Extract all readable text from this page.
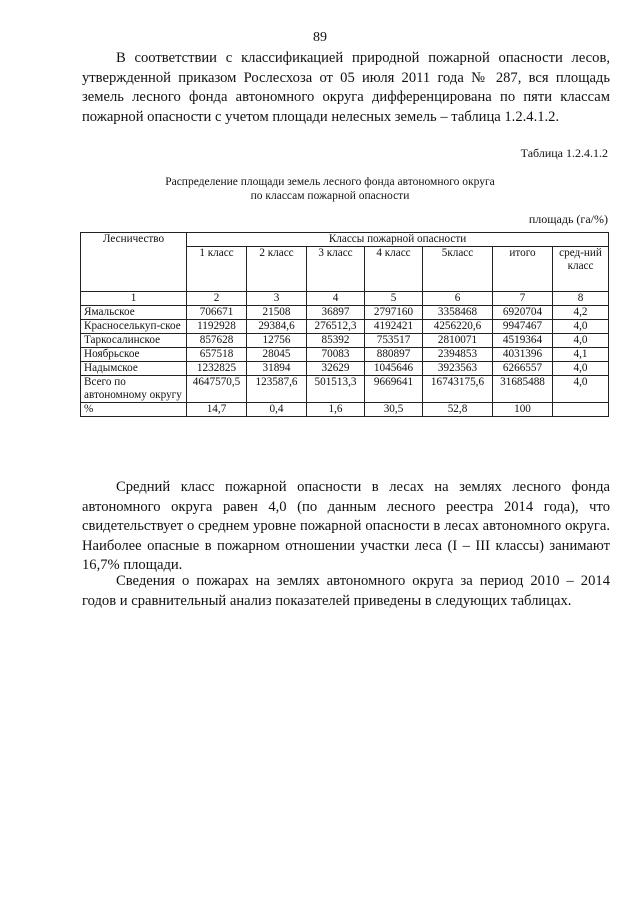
89

В соответствии с классификацией природной пожарной опасности лесов, утвержденной приказом Рослесхоза от 05 июля 2011 года № 287, вся площадь земель лесного фонда автономного округа дифференцирована по пяти классам пожарной опасности с учетом площади нелесных земель – таблица 1.2.4.1.2.

Таблица 1.2.4.1.2
Распределение площади земель лесного фонда автономного округа
по классам пожарной опасности
площадь (га/%)
Лесничество	Классы пожарной опасности						
	1 класс	2 класс	3 класс	4 класс	5класс	итого	сред-ний класс
1	2	3	4	5	6	7	8
Ямальское	706671	21508	36897	2797160	3358468	6920704	4,2
Красноселькуп-ское	1192928	29384,6	276512,3	4192421	4256220,6	9947467	4,0
Таркосалинское	857628	12756	85392	753517	2810071	4519364	4,0
Ноябрьское	657518	28045	70083	880897	2394853	4031396	4,1
Надымское	1232825	31894	32629	1045646	3923563	6266557	4,0
Всего по автономному округу	4647570,5	123587,6	501513,3	9669641	16743175,6	31685488	4,0
%	14,7	0,4	1,6	30,5	52,8	100	

Средний класс пожарной опасности в лесах на землях лесного фонда автономного округа равен 4,0 (по данным лесного реестра 2014 года), что свидетельствует о среднем уровне пожарной опасности в лесах автономного округа. Наиболее опасные в пожарном отношении участки леса (I – III классы) занимают 16,7% площади.

Сведения о пожарах на землях автономного округа за период 2010 – 2014 годов и сравнительный анализ показателей приведены в следующих таблицах.
